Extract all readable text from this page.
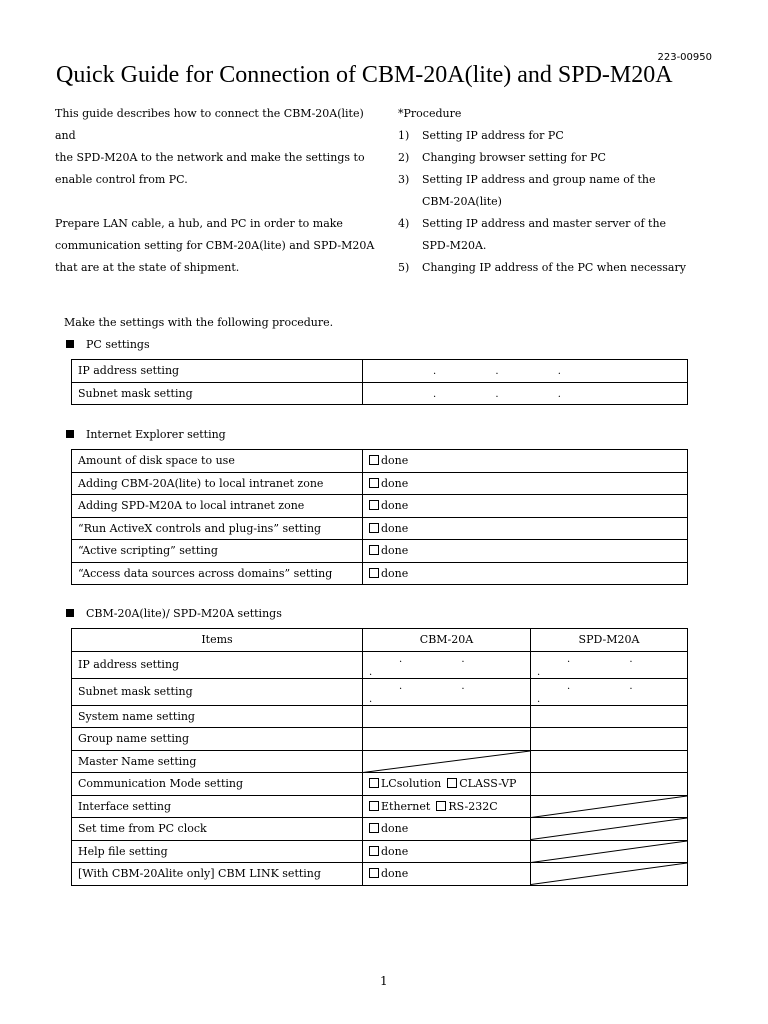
223-00950
Quick Guide for Connection of CBM-20A(lite) and SPD-M20A
This guide describes how to connect the CBM-20A(lite) and
the SPD-M20A to the network and make the settings to
enable control from PC.

Prepare LAN cable, a hub, and PC in order to make
communication setting for CBM-20A(lite) and SPD-M20A
that are at the state of shipment.
*Procedure
1)	Setting IP address for PC
2)	Changing browser setting for PC
3)	Setting IP address and group name of the
CBM-20A(lite)
4)	Setting IP address and master server of the
SPD-M20A.
5)	Changing IP address of the PC when necessary
Make the settings with the following procedure.
PC settings
IP address setting	. . .
Subnet mask setting	. . .
Internet Explorer setting
Amount of disk space to use	done
Adding CBM-20A(lite) to local intranet zone	done
Adding SPD-M20A to local intranet zone	done
“Run ActiveX controls and plug-ins” setting	done
“Active scripting” setting	done
“Access data sources across domains” setting	done
CBM-20A(lite)/ SPD-M20A settings
Items	CBM-20A	SPD-M20A
IP address setting	. . .	. . .
Subnet mask setting	. . .	. . .
System name setting		
Group name setting		
Master Name setting	

Communication Mode setting	LCsolution CLASS-VP	
Interface setting	Ethernet RS-232C	

Set time from PC clock	done	

Help file setting	done	

[With CBM-20Alite only] CBM LINK setting	done	
1
